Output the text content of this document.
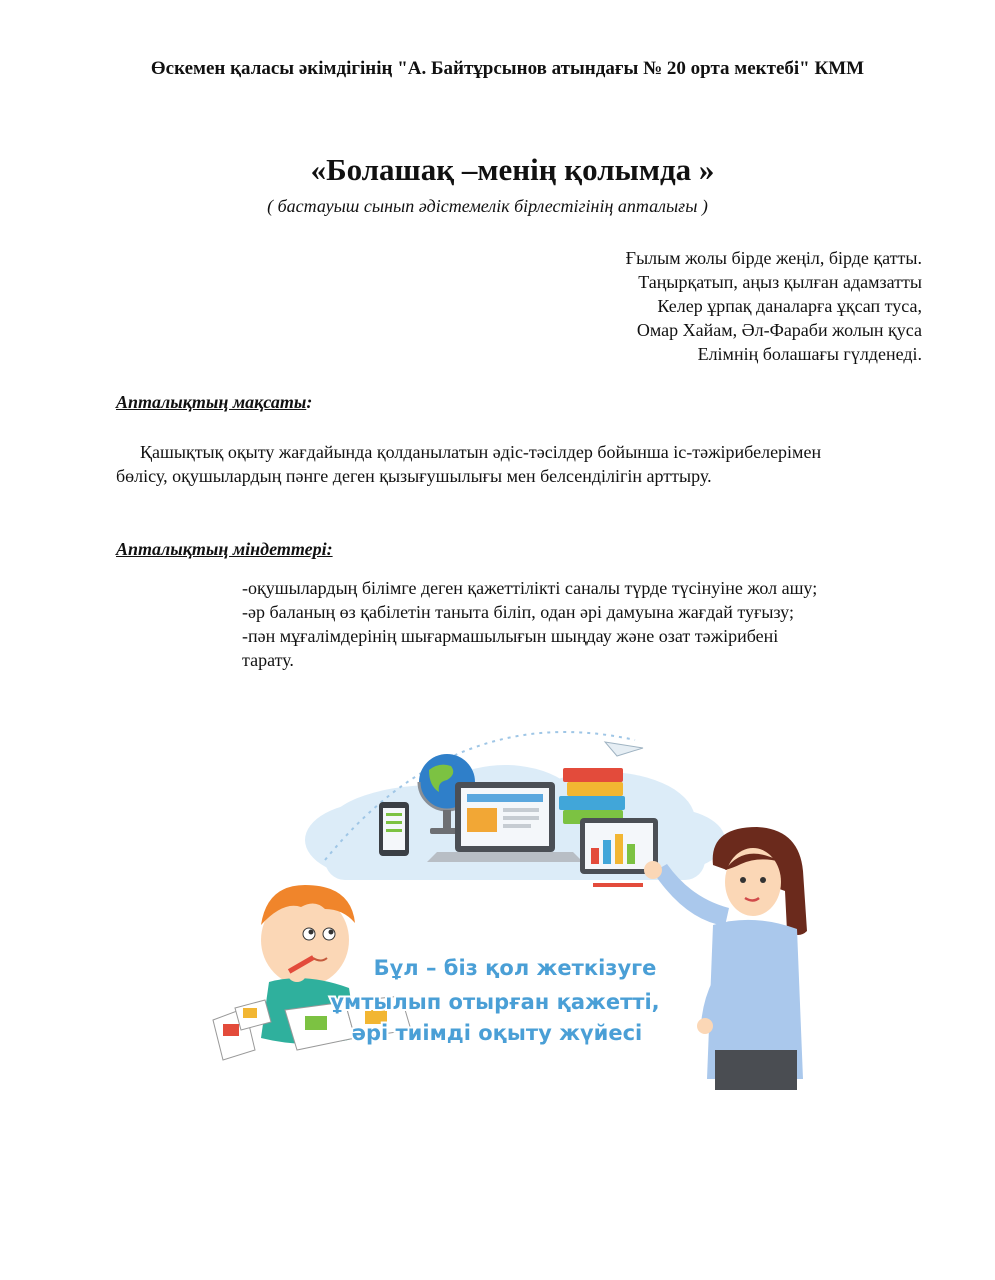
Өскемен қаласы әкімдігінің "А. Байтұрсынов атындағы № 20 орта мектебі" КММ
«Болашақ –менің қолымда »
( бастауыш сынып әдістемелік бірлестігінің апталығы )
Ғылым жолы бірде жеңіл, бірде қатты.
Таңырқатып, аңыз қылған адамзатты
Келер ұрпақ даналарға ұқсап туса,
Омар Хайам, Әл-Фараби жолын қуса
Елімнің болашағы гүлденеді.
Апталықтың мақсаты:
Қашықтық оқыту жағдайында қолданылатын әдіс-тәсілдер бойынша іс-тәжірибелерімен
бөлісу, оқушылардың пәнге деген қызығушылығы мен белсенділігін арттыру.
Апталықтың міндеттері:
-оқушылардың білімге деген қажеттілікті саналы түрде түсінуіне жол ашу;
-әр баланың өз қабілетін таныта біліп, одан әрі дамуына жағдай туғызу;
-пән мұғалімдерінің шығармашылығын шыңдау және озат тәжірибені
тарату.
Бұл – біз қол жеткізуге
ұмтылып отырған қажетті,
әрі тиімді оқыту жүйесі
